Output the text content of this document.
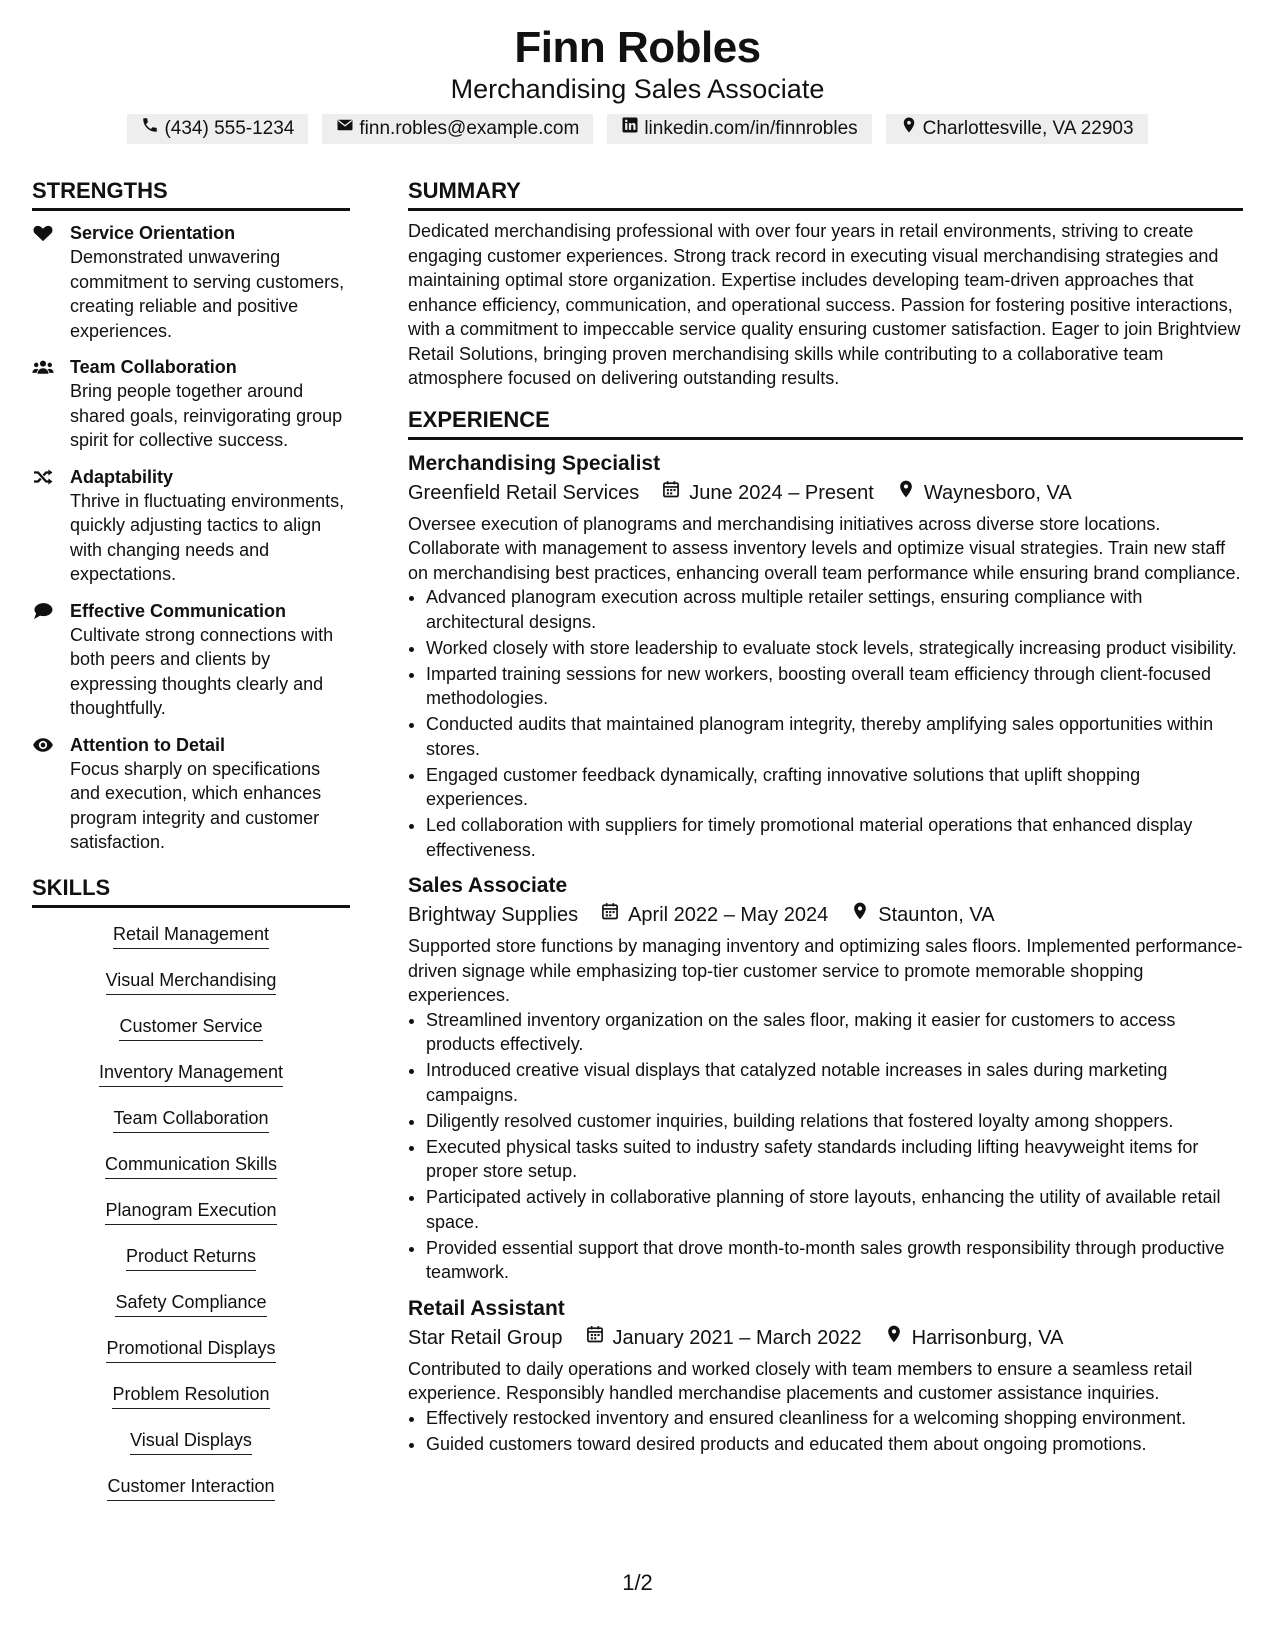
Finn Robles
Merchandising Sales Associate
(434) 555-1234	finn.robles@example.com	linkedin.com/in/finnrobles	Charlottesville, VA 22903
STRENGTHS
Service Orientation
Demonstrated unwavering commitment to serving customers, creating reliable and positive experiences.
Team Collaboration
Bring people together around shared goals, reinvigorating group spirit for collective success.
Adaptability
Thrive in fluctuating environments, quickly adjusting tactics to align with changing needs and expectations.
Effective Communication
Cultivate strong connections with both peers and clients by expressing thoughts clearly and thoughtfully.
Attention to Detail
Focus sharply on specifications and execution, which enhances program integrity and customer satisfaction.
SKILLS
Retail Management
Visual Merchandising
Customer Service
Inventory Management
Team Collaboration
Communication Skills
Planogram Execution
Product Returns
Safety Compliance
Promotional Displays
Problem Resolution
Visual Displays
Customer Interaction
SUMMARY
Dedicated merchandising professional with over four years in retail environments, striving to create engaging customer experiences. Strong track record in executing visual merchandising strategies and maintaining optimal store organization. Expertise includes developing team-driven approaches that enhance efficiency, communication, and operational success. Passion for fostering positive interactions, with a commitment to impeccable service quality ensuring customer satisfaction. Eager to join Brightview Retail Solutions, bringing proven merchandising skills while contributing to a collaborative team atmosphere focused on delivering outstanding results.
EXPERIENCE
Merchandising Specialist
Greenfield Retail Services	June 2024 – Present	Waynesboro, VA
Oversee execution of planograms and merchandising initiatives across diverse store locations. Collaborate with management to assess inventory levels and optimize visual strategies. Train new staff on merchandising best practices, enhancing overall team performance while ensuring brand compliance.
• Advanced planogram execution across multiple retailer settings, ensuring compliance with architectural designs.
• Worked closely with store leadership to evaluate stock levels, strategically increasing product visibility.
• Imparted training sessions for new workers, boosting overall team efficiency through client-focused methodologies.
• Conducted audits that maintained planogram integrity, thereby amplifying sales opportunities within stores.
• Engaged customer feedback dynamically, crafting innovative solutions that uplift shopping experiences.
• Led collaboration with suppliers for timely promotional material operations that enhanced display effectiveness.
Sales Associate
Brightway Supplies	April 2022 – May 2024	Staunton, VA
Supported store functions by managing inventory and optimizing sales floors. Implemented performance-driven signage while emphasizing top-tier customer service to promote memorable shopping experiences.
• Streamlined inventory organization on the sales floor, making it easier for customers to access products effectively.
• Introduced creative visual displays that catalyzed notable increases in sales during marketing campaigns.
• Diligently resolved customer inquiries, building relations that fostered loyalty among shoppers.
• Executed physical tasks suited to industry safety standards including lifting heavyweight items for proper store setup.
• Participated actively in collaborative planning of store layouts, enhancing the utility of available retail space.
• Provided essential support that drove month-to-month sales growth responsibility through productive teamwork.
Retail Assistant
Star Retail Group	January 2021 – March 2022	Harrisonburg, VA
Contributed to daily operations and worked closely with team members to ensure a seamless retail experience. Responsibly handled merchandise placements and customer assistance inquiries.
• Effectively restocked inventory and ensured cleanliness for a welcoming shopping environment.
• Guided customers toward desired products and educated them about ongoing promotions.
1/2
